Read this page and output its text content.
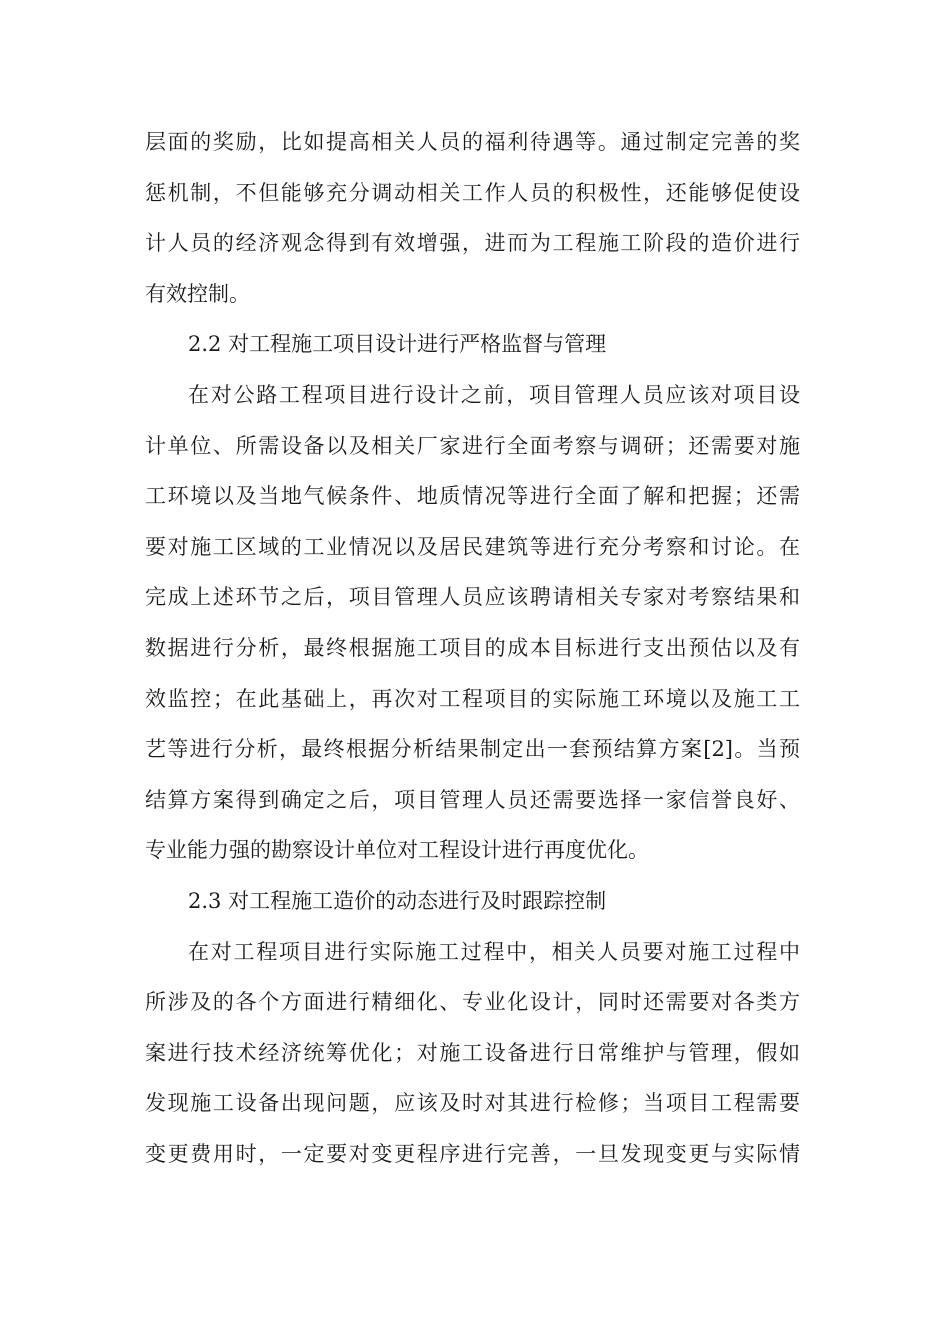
层面的奖励，比如提高相关人员的福利待遇等。通过制定完善的奖
惩机制，不但能够充分调动相关工作人员的积极性，还能够促使设
计人员的经济观念得到有效增强，进而为工程施工阶段的造价进行
有效控制。
2.2 对工程施工项目设计进行严格监督与管理
在对公路工程项目进行设计之前，项目管理人员应该对项目设
计单位、所需设备以及相关厂家进行全面考察与调研；还需要对施
工环境以及当地气候条件、地质情况等进行全面了解和把握；还需
要对施工区域的工业情况以及居民建筑等进行充分考察和讨论。在
完成上述环节之后，项目管理人员应该聘请相关专家对考察结果和
数据进行分析，最终根据施工项目的成本目标进行支出预估以及有
效监控；在此基础上，再次对工程项目的实际施工环境以及施工工
艺等进行分析，最终根据分析结果制定出一套预结算方案[2]。当预
结算方案得到确定之后，项目管理人员还需要选择一家信誉良好、
专业能力强的勘察设计单位对工程设计进行再度优化。
2.3 对工程施工造价的动态进行及时跟踪控制
在对工程项目进行实际施工过程中，相关人员要对施工过程中
所涉及的各个方面进行精细化、专业化设计，同时还需要对各类方
案进行技术经济统筹优化；对施工设备进行日常维护与管理，假如
发现施工设备出现问题，应该及时对其进行检修；当项目工程需要
变更费用时，一定要对变更程序进行完善，一旦发现变更与实际情
